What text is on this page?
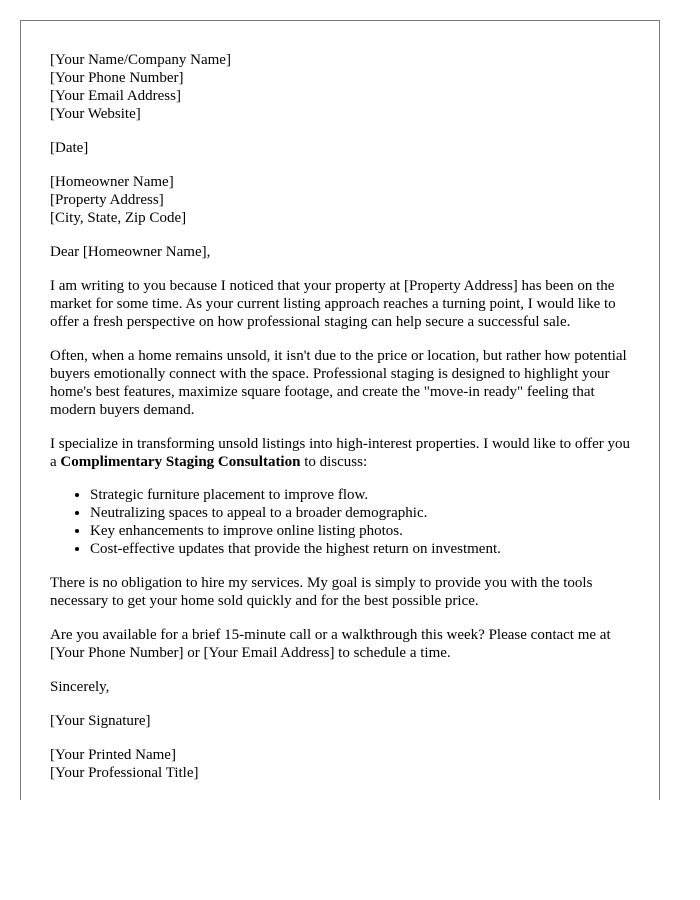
[Your Name/Company Name]
[Your Phone Number]
[Your Email Address]
[Your Website]
[Date]
[Homeowner Name]
[Property Address]
[City, State, Zip Code]

Dear [Homeowner Name],

I am writing to you because I noticed that your property at [Property Address] has been on the market for some time. As your current listing approach reaches a turning point, I would like to offer a fresh perspective on how professional staging can help secure a successful sale.

Often, when a home remains unsold, it isn't due to the price or location, but rather how potential buyers emotionally connect with the space. Professional staging is designed to highlight your home's best features, maximize square footage, and create the "move-in ready" feeling that modern buyers demand.

I specialize in transforming unsold listings into high-interest properties. I would like to offer you a Complimentary Staging Consultation to discuss:

• Strategic furniture placement to improve flow.
• Neutralizing spaces to appeal to a broader demographic.
• Key enhancements to improve online listing photos.
• Cost-effective updates that provide the highest return on investment.

There is no obligation to hire my services. My goal is simply to provide you with the tools necessary to get your home sold quickly and for the best possible price.

Are you available for a brief 15-minute call or a walkthrough this week? Please contact me at [Your Phone Number] or [Your Email Address] to schedule a time.

Sincerely,

[Your Signature]

[Your Printed Name]
[Your Professional Title]
